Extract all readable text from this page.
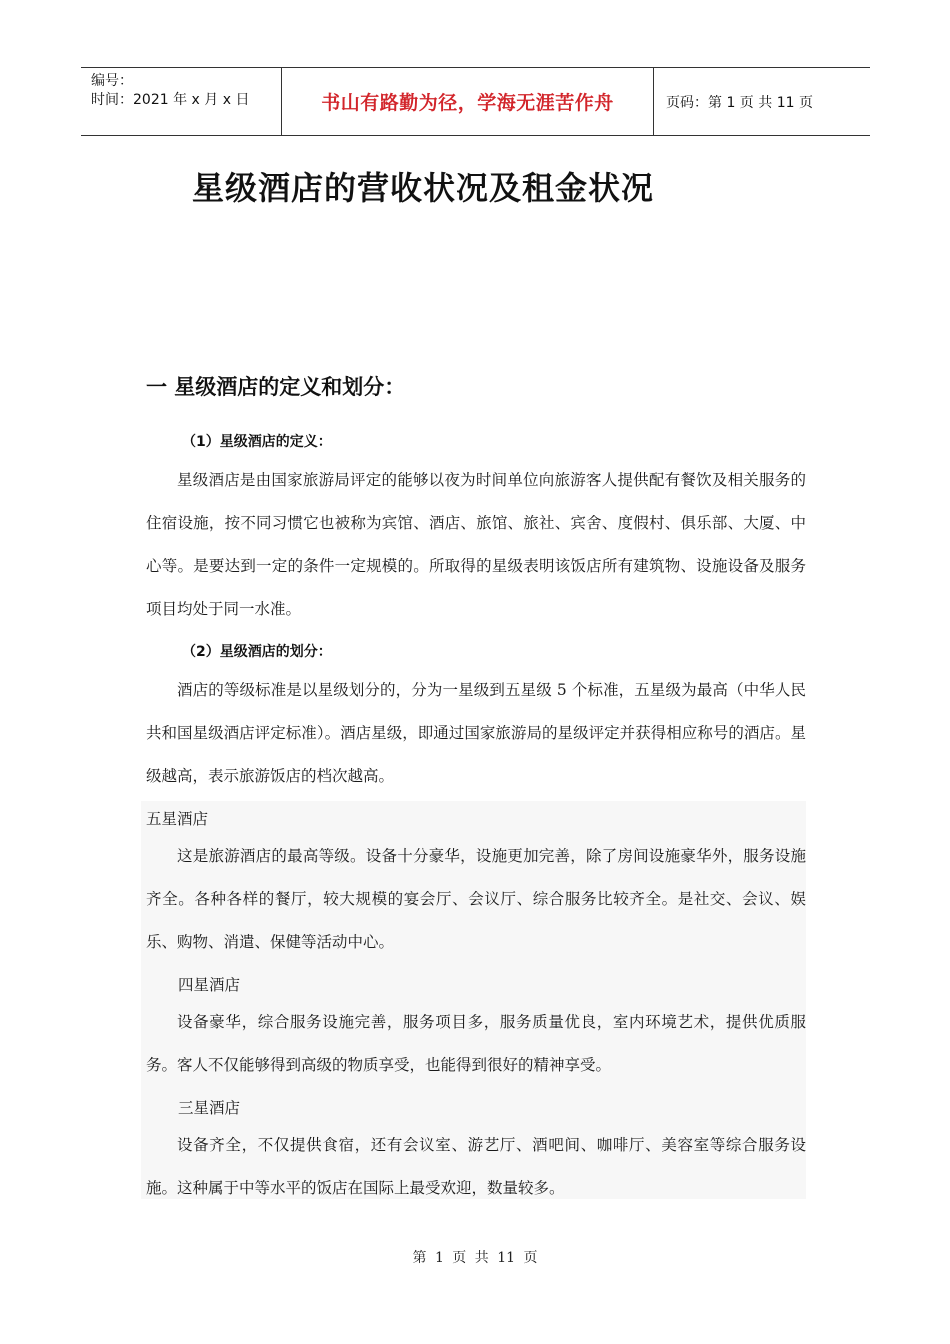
编号：
时间：2021 年 x 月 x 日	书山有路勤为径，学海无涯苦作舟	页码：第 1 页 共 11 页
星级酒店的营收状况及租金状况
一 星级酒店的定义和划分：

（1）星级酒店的定义：

星级酒店是由国家旅游局评定的能够以夜为时间单位向旅游客人提供配有餐饮及相关服务的住宿设施，按不同习惯它也被称为宾馆、酒店、旅馆、旅社、宾舍、度假村、俱乐部、大厦、中心等。是要达到一定的条件一定规模的。所取得的星级表明该饭店所有建筑物、设施设备及服务项目均处于同一水准。

（2）星级酒店的划分：

酒店的等级标准是以星级划分的，分为一星级到五星级 5 个标准，五星级为最高（中华人民共和国星级酒店评定标准）。酒店星级，即通过国家旅游局的星级评定并获得相应称号的酒店。星级越高，表示旅游饭店的档次越高。

五星酒店

这是旅游酒店的最高等级。设备十分豪华，设施更加完善，除了房间设施豪华外，服务设施齐全。各种各样的餐厅，较大规模的宴会厅、会议厅、综合服务比较齐全。是社交、会议、娱乐、购物、消遣、保健等活动中心。

四星酒店

设备豪华，综合服务设施完善，服务项目多，服务质量优良，室内环境艺术，提供优质服务。客人不仅能够得到高级的物质享受，也能得到很好的精神享受。

三星酒店

设备齐全，不仅提供食宿，还有会议室、游艺厅、酒吧间、咖啡厅、美容室等综合服务设施。这种属于中等水平的饭店在国际上最受欢迎，数量较多。

第 1 页 共 11 页
